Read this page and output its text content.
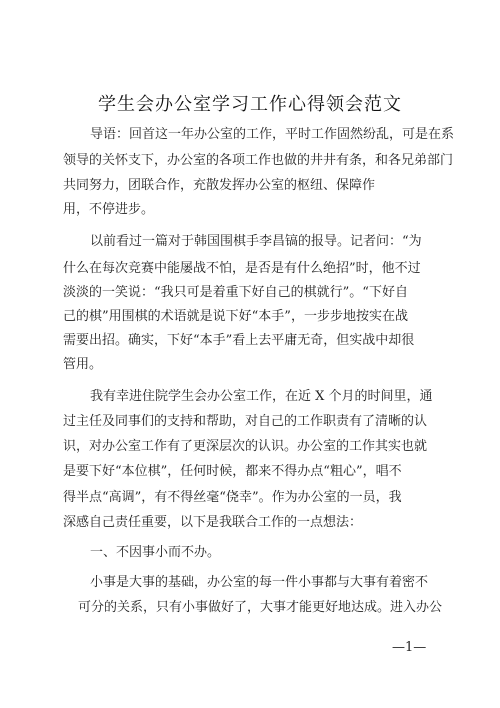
学生会办公室学习工作心得领会范文
导语：回首这一年办公室的工作，平时工作固然纷乱，可是在系
领导的关怀支下，办公室的各项工作也做的井井有条，和各兄弟部门
共同努力，团联合作，充散发挥办公室的枢纽、保障作
用，不停进步。
以前看过一篇对于韩国围棋手李昌镐的报导。记者问：“为
什么在每次竞赛中能屡战不怕，是否是有什么绝招”时，他不过
淡淡的一笑说：“我只可是着重下好自己的棋就行”。“下好自
己的棋”用围棋的术语就是说下好“本手”，一步步地按实在战
需要出招。确实，下好“本手”看上去平庸无奇，但实战中却很
管用。
我有幸进住院学生会办公室工作，在近 X 个月的时间里，通
过主任及同事们的支持和帮助，对自己的工作职责有了清晰的认
识，对办公室工作有了更深层次的认识。办公室的工作其实也就
是要下好“本位棋”，任何时候，都来不得办点“粗心”，唱不
得半点“高调”，有不得丝毫“侥幸”。作为办公室的一员，我
深感自己责任重要，以下是我联合工作的一点想法：
一、不因事小而不办。
小事是大事的基础，办公室的每一件小事都与大事有着密不
可分的关系，只有小事做好了，大事才能更好地达成。进入办公
—1—
